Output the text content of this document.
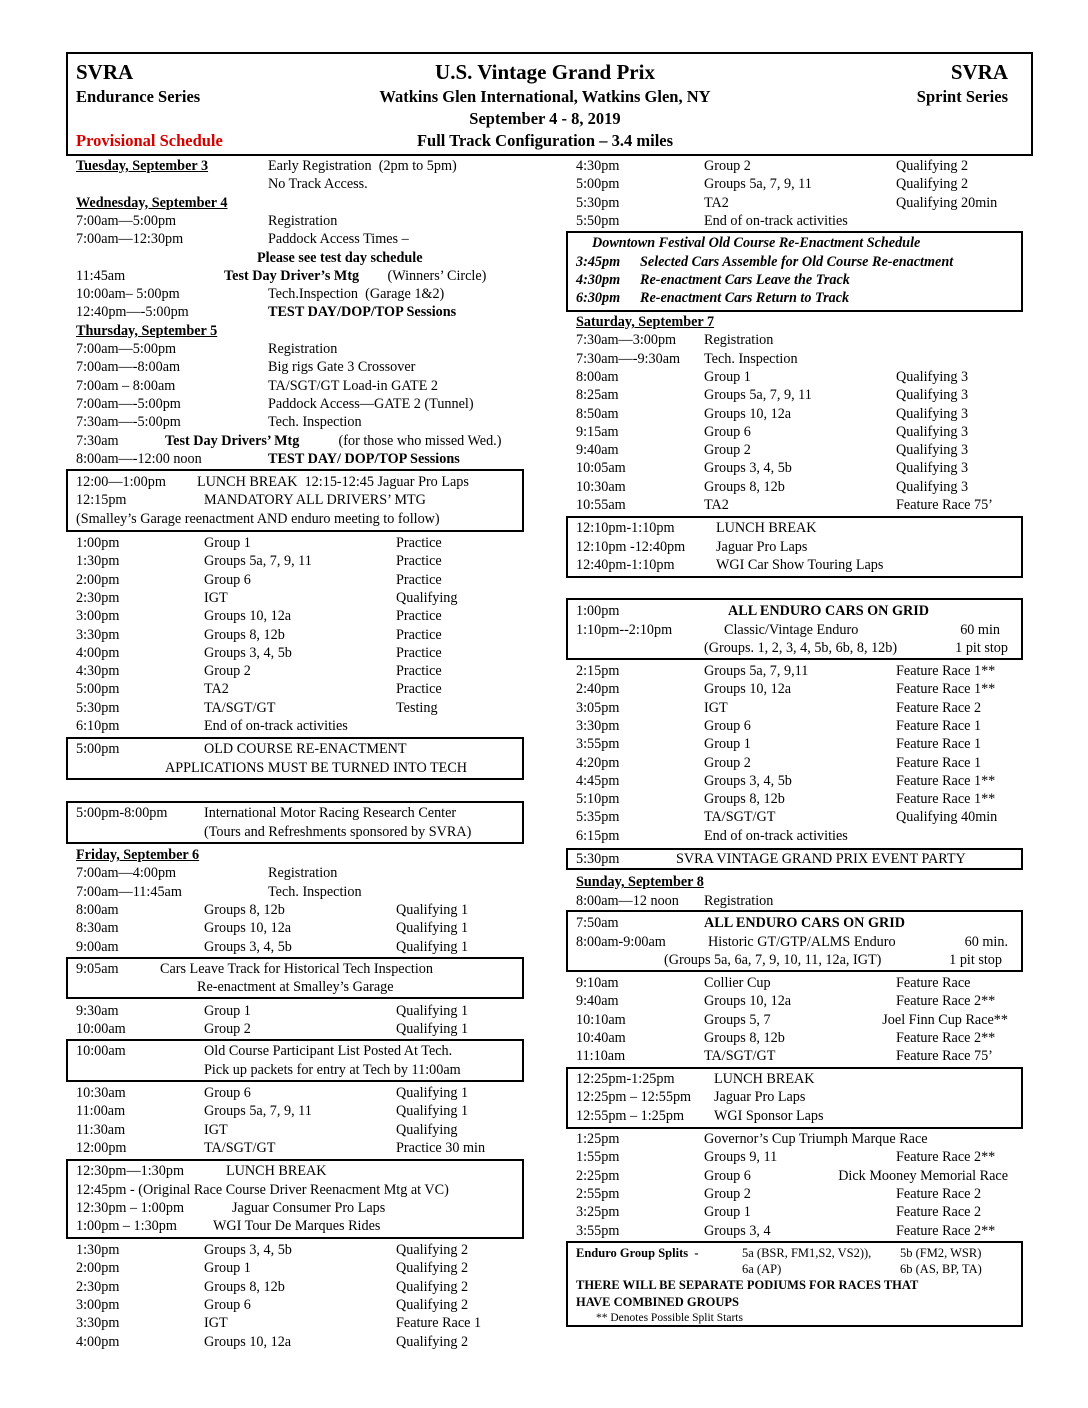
SVRA
Endurance Series
Provisional Schedule
U.S. Vintage Grand Prix
Watkins Glen International, Watkins Glen, NY
September 4 - 8, 2019
Full Track Configuration – 3.4 miles
SVRA
Sprint Series
Tuesday, September 3	Early Registration  (2pm to 5pm)
No Track Access.
Wednesday, September 4
7:00am—5:00pm	Registration
7:00am—12:30pm	Paddock Access Times –
Please see test day schedule
11:45am	Test Day Driver’s Mtg (Winners’ Circle)
10:00am– 5:00pm	Tech.Inspection  (Garage 1&2)
12:40pm—-5:00pm	TEST DAY/DOP/TOP Sessions
Thursday, September 5
7:00am—5:00pm	Registration
7:00am—-8:00am	Big rigs Gate 3 Crossover
7:00am – 8:00am	TA/SGT/GT Load-in GATE 2
7:00am—-5:00pm	Paddock Access—GATE 2 (Tunnel)
7:30am—-5:00pm	Tech. Inspection
7:30am	Test Day Drivers’ Mtg	(for those who missed Wed.)
8:00am—-12:00 noon	TEST DAY/ DOP/TOP Sessions
12:00—1:00pm LUNCH BREAK  12:15-12:45 Jaguar Pro Laps
12:15pm	MANDATORY ALL DRIVERS’ MTG
(Smalley’s Garage reenactment AND enduro meeting to follow)
1:00pm	Group 1	Practice
1:30pm	Groups 5a, 7, 9, 11	Practice
2:00pm	Group 6	Practice
2:30pm	IGT	Qualifying
3:00pm	Groups 10, 12a	Practice
3:30pm	Groups 8, 12b	Practice
4:00pm	Groups 3, 4, 5b	Practice
4:30pm	Group 2	Practice
5:00pm	TA2	Practice
5:30pm	TA/SGT/GT	Testing
6:10pm	End of on-track activities
5:00pm	OLD COURSE RE-ENACTMENT
APPLICATIONS MUST BE TURNED INTO TECH
5:00pm-8:00pm	International Motor Racing Research Center
(Tours and Refreshments sponsored by SVRA)
Friday, September 6
7:00am—4:00pm	Registration
7:00am—11:45am	Tech. Inspection
8:00am	Groups 8, 12b	Qualifying 1
8:30am	Groups 10, 12a	Qualifying 1
9:00am	Groups 3, 4, 5b	Qualifying 1
9:05am	Cars Leave Track for Historical Tech Inspection
Re-enactment at Smalley’s Garage
9:30am	Group 1	Qualifying 1
10:00am	Group 2	Qualifying 1
10:00am	Old Course Participant List Posted At Tech.
Pick up packets for entry at Tech by 11:00am
10:30am	Group 6	Qualifying 1
11:00am	Groups 5a, 7, 9, 11	Qualifying 1
11:30am	IGT	Qualifying
12:00pm	TA/SGT/GT	Practice 30 min
12:30pm—1:30pm	LUNCH BREAK
12:45pm - (Original Race Course Driver Reenacment Mtg at VC)
12:30pm – 1:00pm	Jaguar Consumer Pro Laps
1:00pm – 1:30pm	WGI Tour De Marques Rides
1:30pm	Groups 3, 4, 5b	Qualifying 2
2:00pm	Group 1	Qualifying 2
2:30pm	Groups 8, 12b	Qualifying 2
3:00pm	Group 6	Qualifying 2
3:30pm	IGT	Feature Race 1
4:00pm	Groups 10, 12a	Qualifying 2
4:30pm	Group 2	Qualifying 2
5:00pm	Groups 5a, 7, 9, 11	Qualifying 2
5:30pm	TA2	Qualifying 20min
5:50pm	End of on-track activities
Downtown Festival Old Course Re-Enactment Schedule
3:45pm Selected Cars Assemble for Old Course Re-enactment
4:30pm Re-enactment Cars Leave the Track
6:30pm Re-enactment Cars Return to Track
Saturday, September 7
7:30am—3:00pm Registration
7:30am—-9:30am Tech. Inspection
8:00am	Group 1	Qualifying 3
8:25am	Groups 5a, 7, 9, 11	Qualifying 3
8:50am	Groups 10, 12a	Qualifying 3
9:15am	Group 6	Qualifying 3
9:40am	Group 2	Qualifying 3
10:05am	Groups 3, 4, 5b	Qualifying 3
10:30am	Groups 8, 12b	Qualifying 3
10:55am	TA2	Feature Race 75’
12:10pm-1:10pm	LUNCH BREAK
12:10pm -12:40pm Jaguar Pro Laps
12:40pm-1:10pm	WGI Car Show Touring Laps
1:00pm	ALL ENDURO CARS ON GRID
1:10pm--2:10pm	Classic/Vintage Enduro	60 min
(Groups. 1, 2, 3, 4, 5b, 6b, 8, 12b)	1 pit stop
2:15pm	Groups 5a, 7, 9,11	Feature Race 1**
2:40pm	Groups 10, 12a	Feature Race 1**
3:05pm	IGT	Feature Race 2
3:30pm	Group 6	Feature Race 1
3:55pm	Group 1	Feature Race 1
4:20pm	Group 2	Feature Race 1
4:45pm	Groups 3, 4, 5b	Feature Race 1**
5:10pm	Groups 8, 12b	Feature Race 1**
5:35pm	TA/SGT/GT	Qualifying 40min
6:15pm	End of on-track activities
5:30pm	SVRA VINTAGE GRAND PRIX EVENT PARTY
Sunday, September 8
8:00am—12 noon Registration
7:50am	ALL ENDURO CARS ON GRID
8:00am-9:00am	Historic GT/GTP/ALMS Enduro	60 min.
(Groups 5a, 6a, 7, 9, 10, 11, 12a, IGT)	1 pit stop
9:10am	Collier Cup	Feature Race
9:40am	Groups 10, 12a	Feature Race 2**
10:10am	Groups 5, 7	Joel Finn Cup Race**
10:40am	Groups 8, 12b	Feature Race 2**
11:10am	TA/SGT/GT	Feature Race 75’
12:25pm-1:25pm	LUNCH BREAK
12:25pm – 12:55pm Jaguar Pro Laps
12:55pm – 1:25pm WGI Sponsor Laps
1:25pm	Governor’s Cup Triumph Marque Race
1:55pm	Groups 9, 11	Feature Race 2**
2:25pm	Group 6	Dick Mooney Memorial Race
2:55pm	Group 2	Feature Race 2
3:25pm	Group 1	Feature Race 2
3:55pm	Groups 3, 4	Feature Race 2**
Enduro Group Splits  -	5a (BSR, FM1,S2, VS2)), 5b (FM2, WSR)
6a (AP)	6b (AS, BP, TA)
THERE WILL BE SEPARATE PODIUMS FOR RACES THAT
HAVE COMBINED GROUPS
** Denotes Possible Split Starts
